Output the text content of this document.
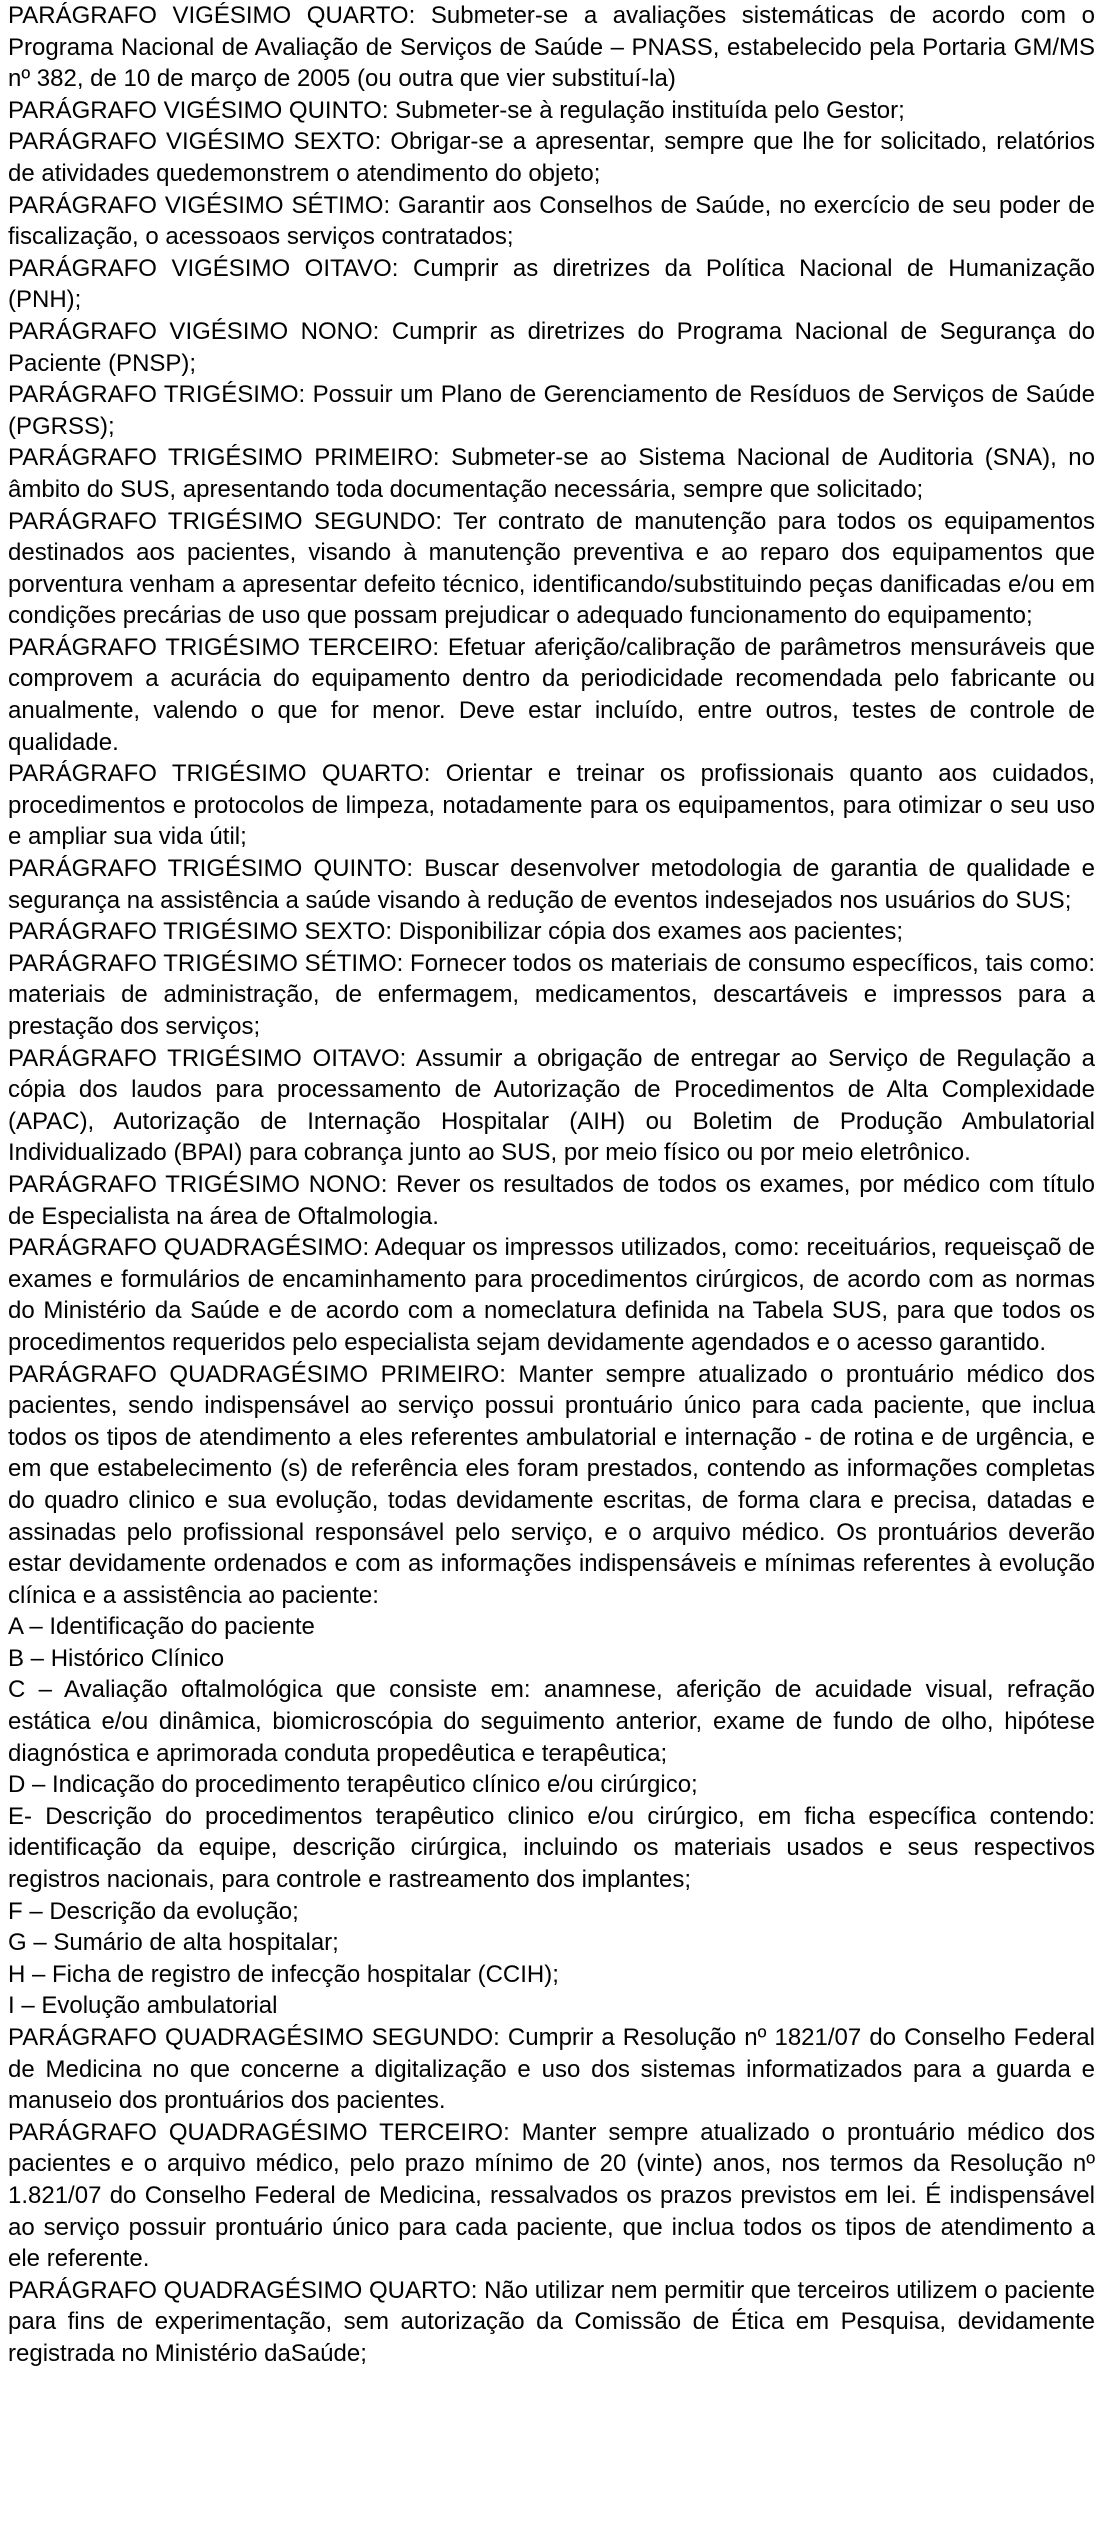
PARÁGRAFO VIGÉSIMO QUARTO: Submeter-se a avaliações sistemáticas de acordo com o Programa Nacional de Avaliação de Serviços de Saúde – PNASS, estabelecido pela Portaria GM/MS nº 382, de 10 de março de 2005 (ou outra que vier substituí-la)

PARÁGRAFO VIGÉSIMO QUINTO: Submeter-se à regulação instituída pelo Gestor;

PARÁGRAFO VIGÉSIMO SEXTO: Obrigar-se a apresentar, sempre que lhe for solicitado, relatórios de atividades quedemonstrem o atendimento do objeto;

PARÁGRAFO VIGÉSIMO SÉTIMO: Garantir aos Conselhos de Saúde, no exercício de seu poder de fiscalização, o acessoaos serviços contratados;

PARÁGRAFO VIGÉSIMO OITAVO: Cumprir as diretrizes da Política Nacional de Humanização (PNH);

PARÁGRAFO VIGÉSIMO NONO: Cumprir as diretrizes do Programa Nacional de Segurança do Paciente (PNSP);

PARÁGRAFO TRIGÉSIMO: Possuir um Plano de Gerenciamento de Resíduos de Serviços de Saúde (PGRSS);

PARÁGRAFO TRIGÉSIMO PRIMEIRO: Submeter-se ao Sistema Nacional de Auditoria (SNA), no âmbito do SUS, apresentando toda documentação necessária, sempre que solicitado;

PARÁGRAFO TRIGÉSIMO SEGUNDO: Ter contrato de manutenção para todos os equipamentos destinados aos pacientes, visando à manutenção preventiva e ao reparo dos equipamentos que porventura venham a apresentar defeito técnico, identificando/substituindo peças danificadas e/ou em condições precárias de uso que possam prejudicar o adequado funcionamento do equipamento;

PARÁGRAFO TRIGÉSIMO TERCEIRO: Efetuar aferição/calibração de parâmetros mensuráveis que comprovem a acurácia do equipamento dentro da periodicidade recomendada pelo fabricante ou anualmente, valendo o que for menor. Deve estar incluído, entre outros, testes de controle de qualidade.

PARÁGRAFO TRIGÉSIMO QUARTO: Orientar e treinar os profissionais quanto aos cuidados, procedimentos e protocolos de limpeza, notadamente para os equipamentos, para otimizar o seu uso e ampliar sua vida útil;

PARÁGRAFO TRIGÉSIMO QUINTO: Buscar desenvolver metodologia de garantia de qualidade e segurança na assistência a saúde visando à redução de eventos indesejados nos usuários do SUS;

PARÁGRAFO TRIGÉSIMO SEXTO: Disponibilizar cópia dos exames aos pacientes;

PARÁGRAFO TRIGÉSIMO SÉTIMO: Fornecer todos os materiais de consumo específicos, tais como: materiais de administração, de enfermagem, medicamentos, descartáveis e impressos para a prestação dos serviços;

PARÁGRAFO TRIGÉSIMO OITAVO: Assumir a obrigação de entregar ao Serviço de Regulação a cópia dos laudos para processamento de Autorização de Procedimentos de Alta Complexidade (APAC), Autorização de Internação Hospitalar (AIH) ou Boletim de Produção Ambulatorial Individualizado (BPAI) para cobrança junto ao SUS, por meio físico ou por meio eletrônico.

PARÁGRAFO TRIGÉSIMO NONO: Rever os resultados de todos os exames, por médico com título de Especialista na área de Oftalmologia.

PARÁGRAFO QUADRAGÉSIMO: Adequar os impressos utilizados, como: receituários, requeisçaõ de exames e formulários de encaminhamento para procedimentos cirúrgicos, de acordo com as normas do Ministério da Saúde e de acordo com a nomeclatura definida na Tabela SUS, para que todos os procedimentos requeridos pelo especialista sejam devidamente agendados e o acesso garantido.

PARÁGRAFO QUADRAGÉSIMO PRIMEIRO: Manter sempre atualizado o prontuário médico dos pacientes, sendo indispensável ao serviço possui prontuário único para cada paciente, que inclua todos os tipos de atendimento a eles referentes ambulatorial e internação - de rotina e de urgência, e em que estabelecimento (s) de referência eles foram prestados, contendo as informações completas do quadro clinico e sua evolução, todas devidamente escritas, de forma clara e precisa, datadas e assinadas pelo profissional responsável pelo serviço, e o arquivo médico. Os prontuários deverão estar devidamente ordenados e com as informações indispensáveis e mínimas referentes à evolução clínica e a assistência ao paciente:

A – Identificação do paciente

B – Histórico Clínico

C – Avaliação oftalmológica que consiste em: anamnese, aferição de acuidade visual, refração estática e/ou dinâmica, biomicroscópia do seguimento anterior, exame de fundo de olho, hipótese diagnóstica e aprimorada conduta propedêutica e terapêutica;

D – Indicação do procedimento terapêutico clínico e/ou cirúrgico;

E- Descrição do procedimentos terapêutico clinico e/ou cirúrgico, em ficha específica contendo: identificação da equipe, descrição cirúrgica, incluindo os materiais usados e seus respectivos registros nacionais, para controle e rastreamento dos implantes;

F – Descrição da evolução;

G – Sumário de alta hospitalar;

H – Ficha de registro de infecção hospitalar (CCIH);

I – Evolução ambulatorial

PARÁGRAFO QUADRAGÉSIMO SEGUNDO: Cumprir a Resolução nº 1821/07 do Conselho Federal de Medicina no que concerne a digitalização e uso dos sistemas informatizados para a guarda e manuseio dos prontuários dos pacientes.

PARÁGRAFO QUADRAGÉSIMO TERCEIRO: Manter sempre atualizado o prontuário médico dos pacientes e o arquivo médico, pelo prazo mínimo de 20 (vinte) anos, nos termos da Resolução nº 1.821/07 do Conselho Federal de Medicina, ressalvados os prazos previstos em lei. É indispensável ao serviço possuir prontuário único para cada paciente, que inclua todos os tipos de atendimento a ele referente.

PARÁGRAFO QUADRAGÉSIMO QUARTO: Não utilizar nem permitir que terceiros utilizem o paciente para fins de experimentação, sem autorização da Comissão de Ética em Pesquisa, devidamente registrada no Ministério daSaúde;
